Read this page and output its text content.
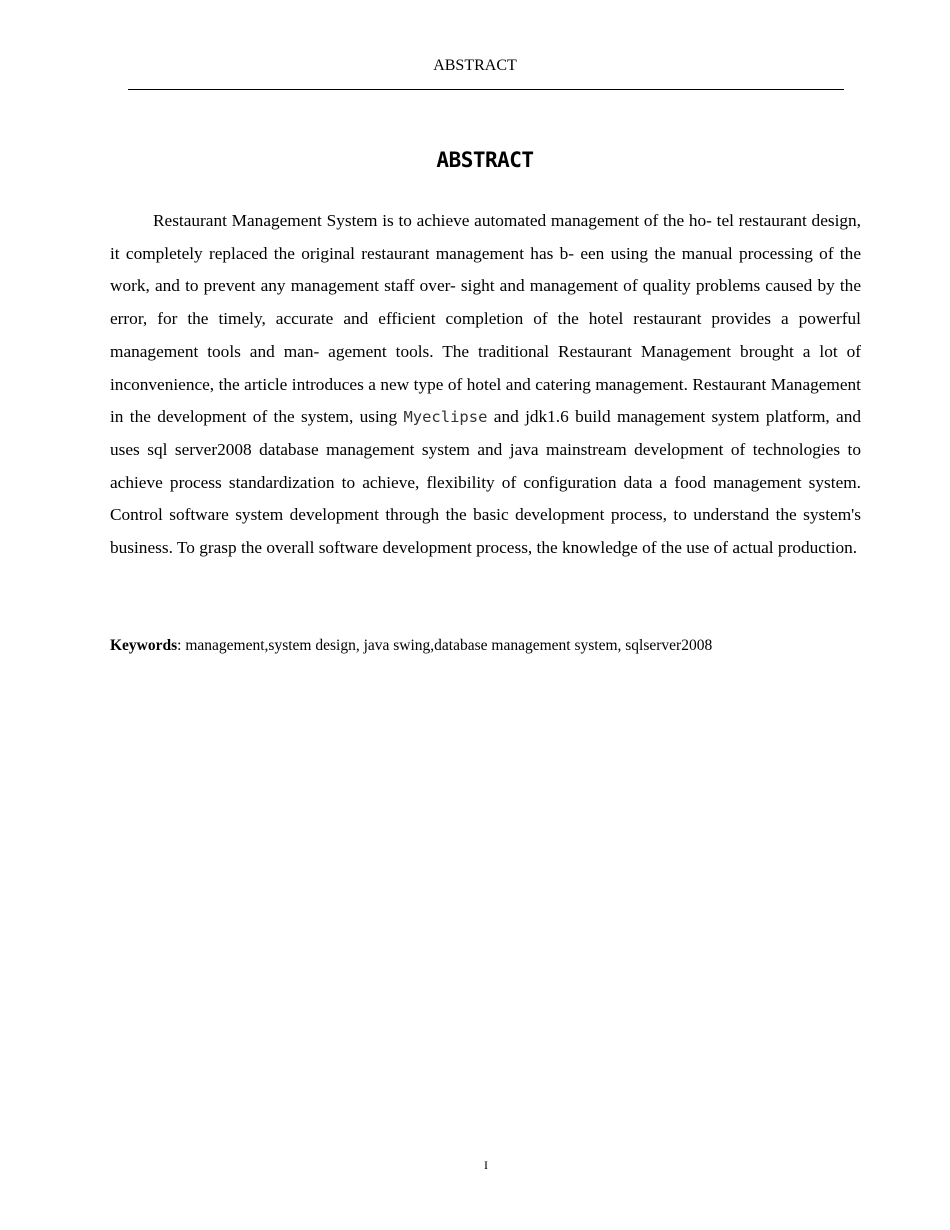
ABSTRACT
ABSTRACT

Restaurant Management System is to achieve automated management of the ho- tel restaurant design, it completely replaced the original restaurant management has b- een using the manual processing of the work, and to prevent any management staff over- sight and management of quality problems caused by the error, for the timely, accurate and efficient completion of the hotel restaurant provides a powerful management tools and man- agement tools. The traditional Restaurant Management brought a lot of inconvenience, the article introduces a new type of hotel and catering management. Restaurant Management in the development of the system, using Myeclipse and jdk1.6 build management system platform, and uses sql server2008 database management system and java mainstream development of technologies to achieve process standardization to achieve, flexibility of configuration data a food management system. Control software system development through the basic development process, to understand the system's business. To grasp the overall software development process, the knowledge of the use of actual production.

Keywords: management,system design, java swing,database management system, sqlserver2008

I
